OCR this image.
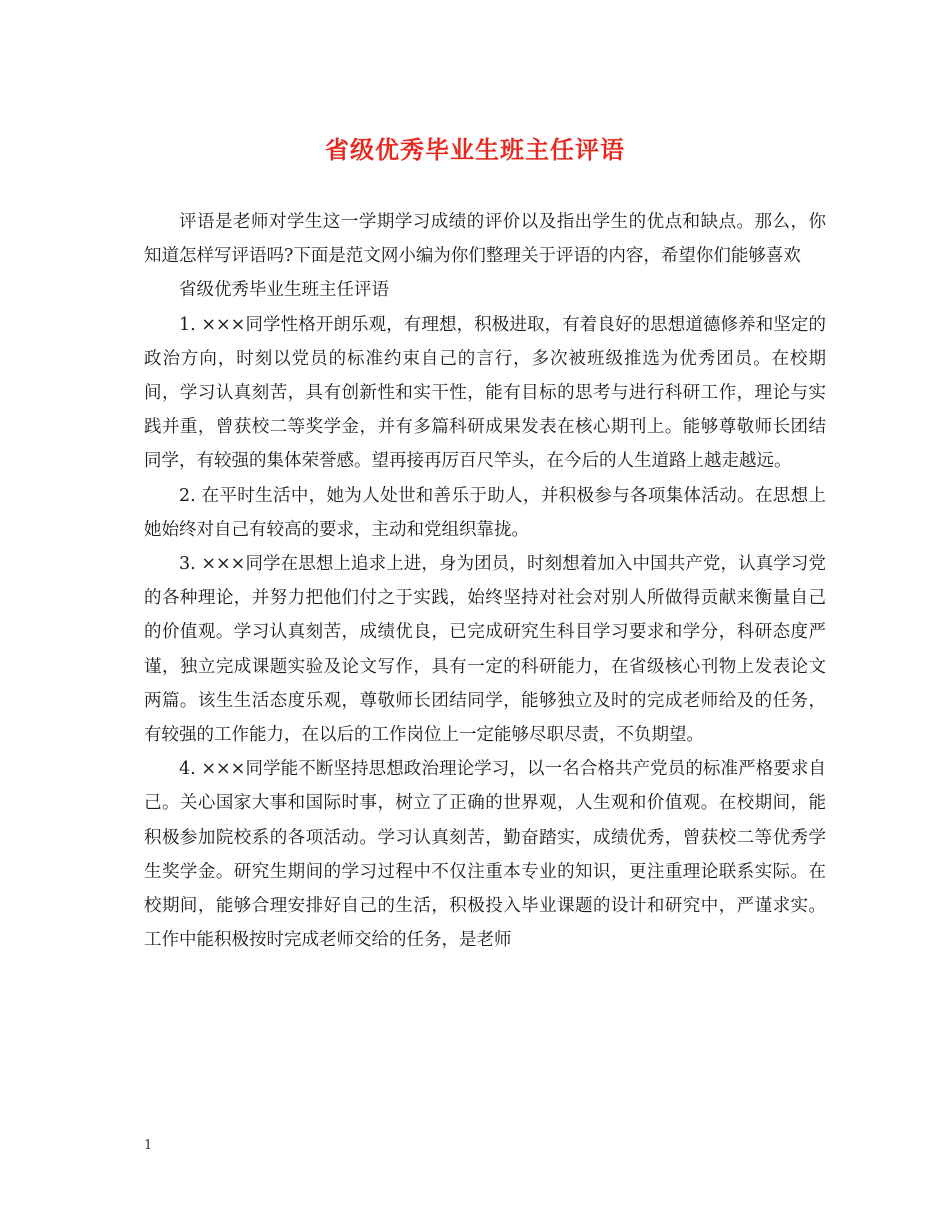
省级优秀毕业生班主任评语

评语是老师对学生这一学期学习成绩的评价以及指出学生的优点和缺点。那么，你知道怎样写评语吗?下面是范文网小编为你们整理关于评语的内容，希望你们能够喜欢

省级优秀毕业生班主任评语

1. ×××同学性格开朗乐观，有理想，积极进取，有着良好的思想道德修养和坚定的政治方向，时刻以党员的标准约束自己的言行，多次被班级推选为优秀团员。在校期间，学习认真刻苦，具有创新性和实干性，能有目标的思考与进行科研工作，理论与实践并重，曾获校二等奖学金，并有多篇科研成果发表在核心期刊上。能够尊敬师长团结同学，有较强的集体荣誉感。望再接再厉百尺竿头，在今后的人生道路上越走越远。

2. 在平时生活中，她为人处世和善乐于助人，并积极参与各项集体活动。在思想上她始终对自己有较高的要求，主动和党组织靠拢。

3. ×××同学在思想上追求上进，身为团员，时刻想着加入中国共产党，认真学习党的各种理论，并努力把他们付之于实践，始终坚持对社会对别人所做得贡献来衡量自己的价值观。学习认真刻苦，成绩优良，已完成研究生科目学习要求和学分，科研态度严谨，独立完成课题实验及论文写作，具有一定的科研能力，在省级核心刊物上发表论文两篇。该生生活态度乐观，尊敬师长团结同学，能够独立及时的完成老师给及的任务，有较强的工作能力，在以后的工作岗位上一定能够尽职尽责，不负期望。

4. ×××同学能不断坚持思想政治理论学习，以一名合格共产党员的标准严格要求自己。关心国家大事和国际时事，树立了正确的世界观，人生观和价值观。在校期间，能积极参加院校系的各项活动。学习认真刻苦，勤奋踏实，成绩优秀，曾获校二等优秀学生奖学金。研究生期间的学习过程中不仅注重本专业的知识，更注重理论联系实际。在校期间，能够合理安排好自己的生活，积极投入毕业课题的设计和研究中，严谨求实。工作中能积极按时完成老师交给的任务，是老师

1
